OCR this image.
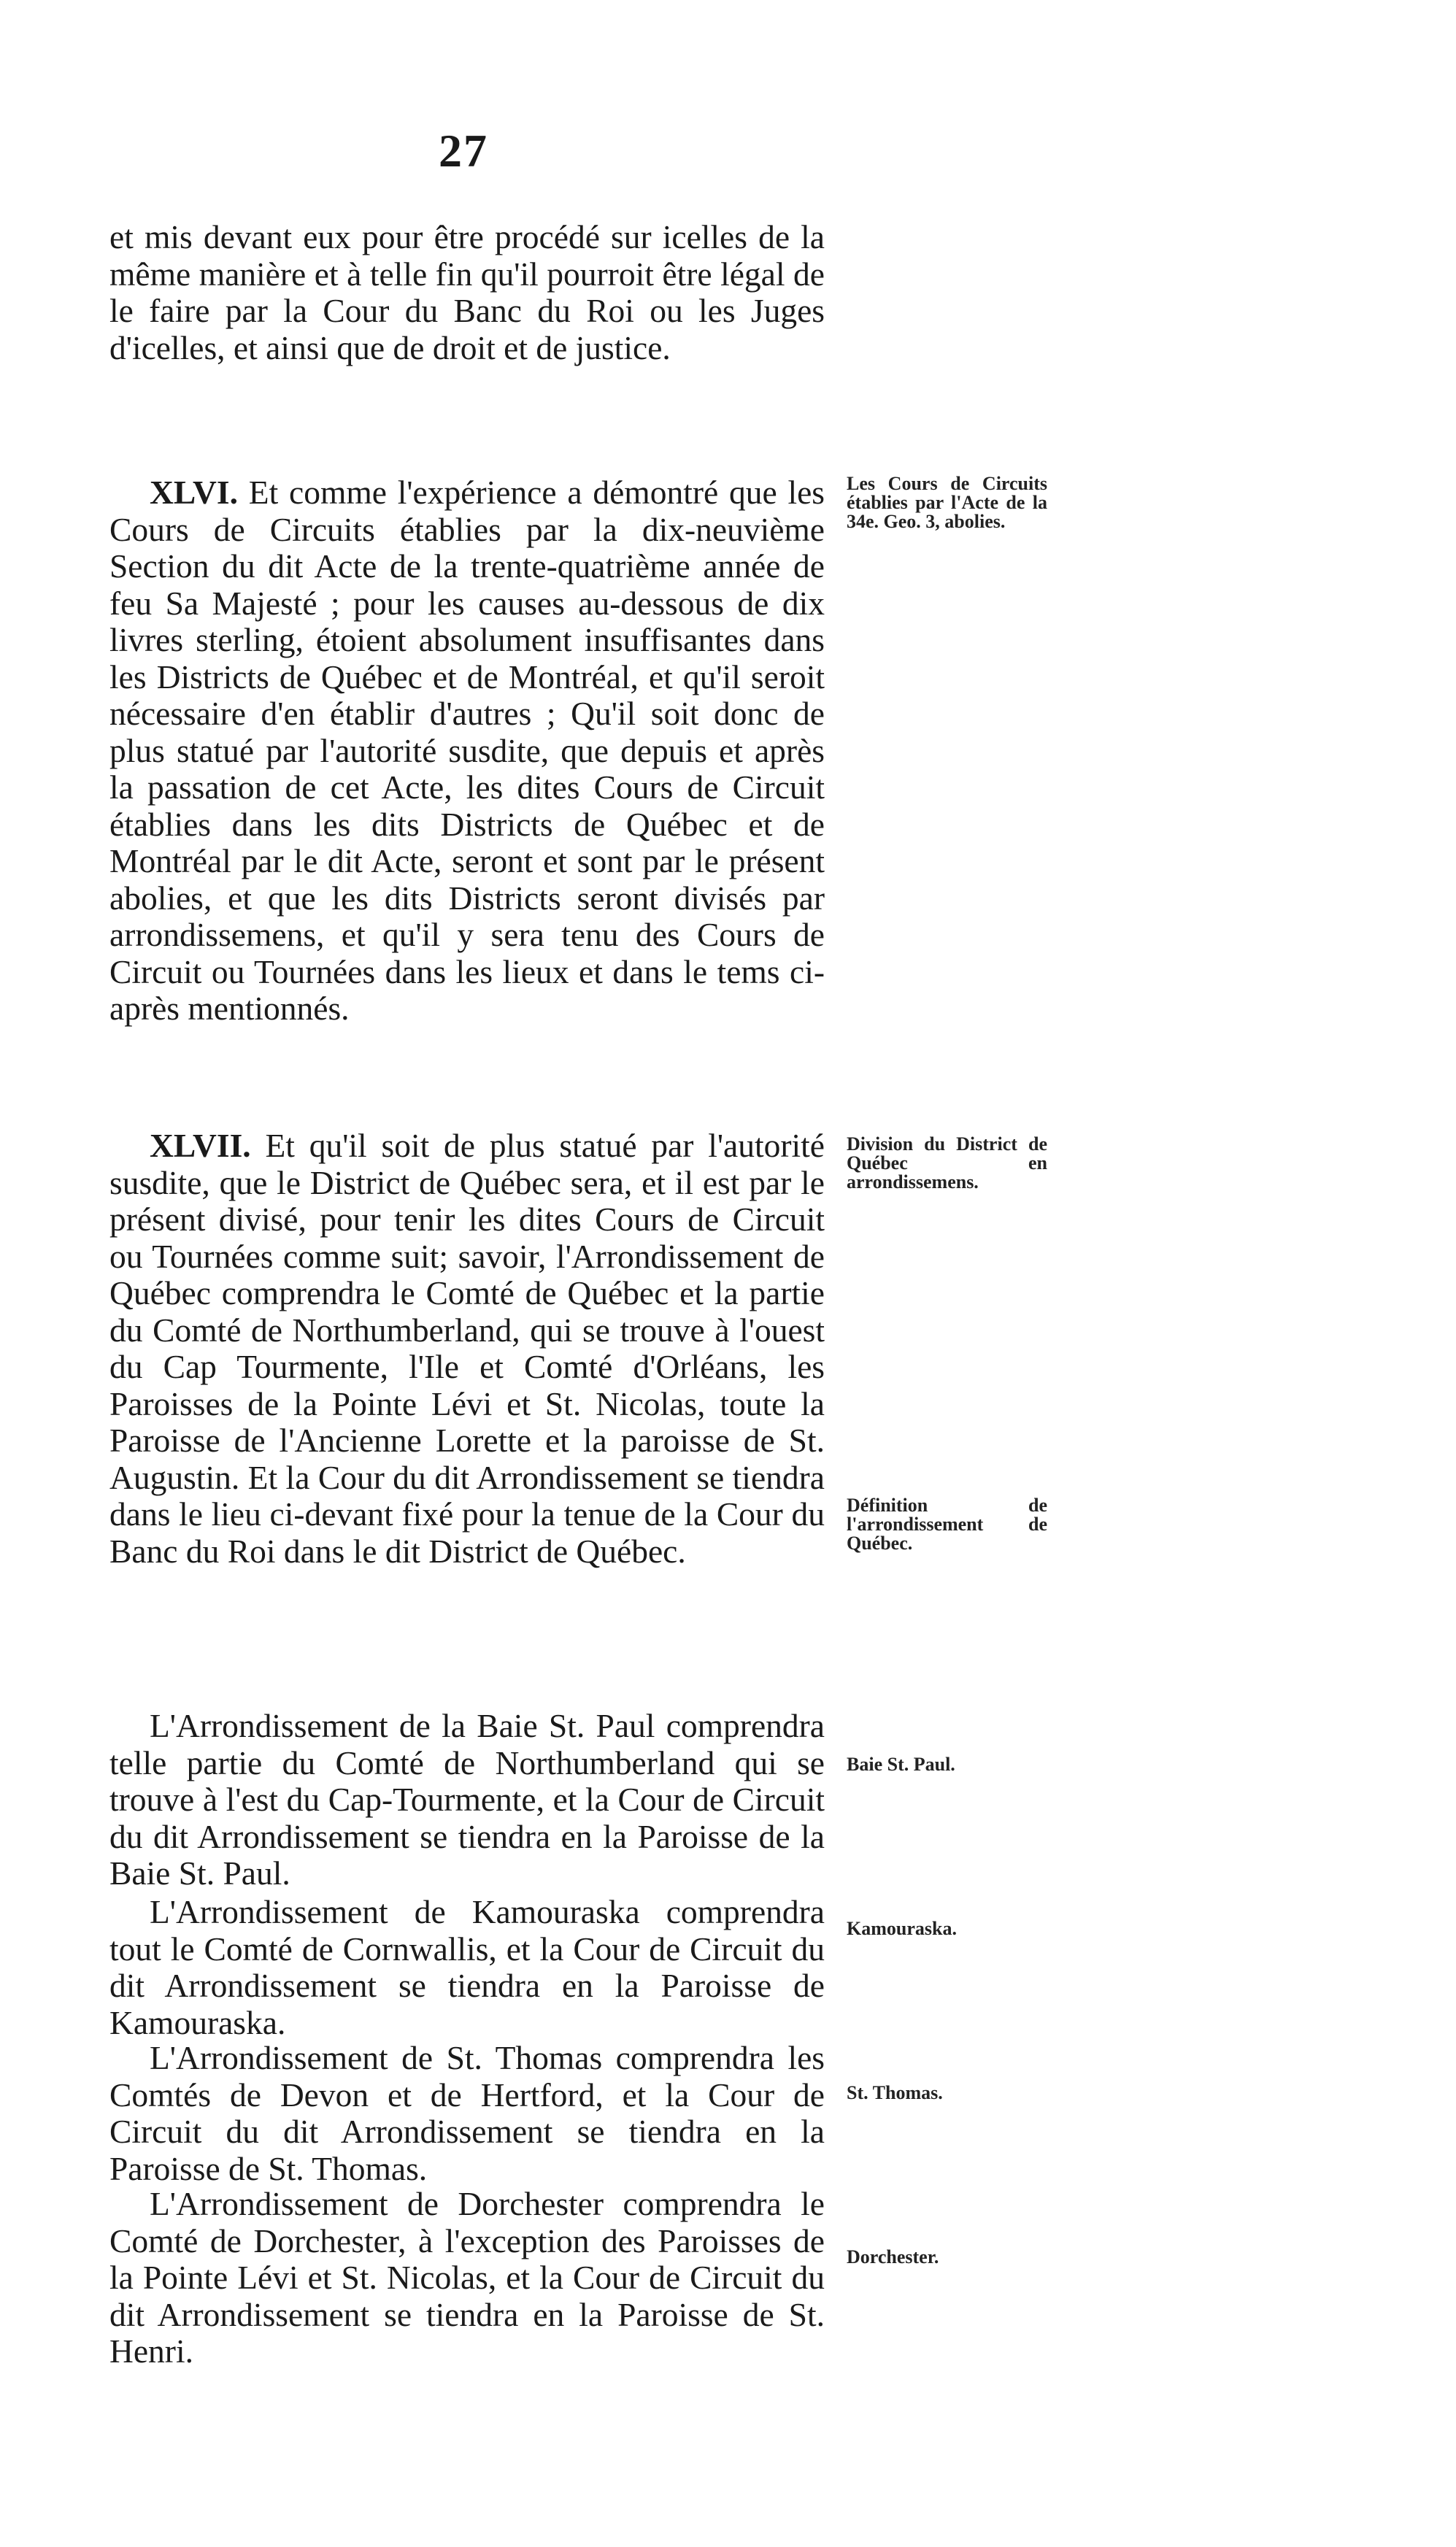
27

et mis devant eux pour être procédé sur icelles de la même manière et à telle fin qu'il pourroit être légal de le faire par la Cour du Banc du Roi ou les Juges d'icelles, et ainsi que de droit et de justice.

XLVI. Et comme l'expérience a démontré que les Cours de Circuits établies par la dix-neuvième Section du dit Acte de la trente-quatrième année de feu Sa Majesté ; pour les causes au-dessous de dix livres sterling, étoient absolument insuffisantes dans les Districts de Québec et de Montréal, et qu'il seroit nécessaire d'en établir d'autres ; Qu'il soit donc de plus statué par l'autorité susdite, que depuis et après la passation de cet Acte, les dites Cours de Circuit établies dans les dits Districts de Québec et de Montréal par le dit Acte, seront et sont par le présent abolies, et que les dits Districts seront divisés par arrondissemens, et qu'il y sera tenu des Cours de Circuit ou Tournées dans les lieux et dans le tems ci-après mentionnés.

XLVII. Et qu'il soit de plus statué par l'autorité susdite, que le District de Québec sera, et il est par le présent divisé, pour tenir les dites Cours de Circuit ou Tournées comme suit; savoir, l'Arrondissement de Québec comprendra le Comté de Québec et la partie du Comté de Northumberland, qui se trouve à l'ouest du Cap Tourmente, l'Ile et Comté d'Orléans, les Paroisses de la Pointe Lévi et St. Nicolas, toute la Paroisse de l'Ancienne Lorette et la paroisse de St. Augustin. Et la Cour du dit Arrondissement se tiendra dans le lieu ci-devant fixé pour la tenue de la Cour du Banc du Roi dans le dit District de Québec.

L'Arrondissement de la Baie St. Paul comprendra telle partie du Comté de Northumberland qui se trouve à l'est du Cap-Tourmente, et la Cour de Circuit du dit Arrondissement se tiendra en la Paroisse de la Baie St. Paul.

L'Arrondissement de Kamouraska comprendra tout le Comté de Cornwallis, et la Cour de Circuit du dit Arrondissement se tiendra en la Paroisse de Kamouraska.

L'Arrondissement de St. Thomas comprendra les Comtés de Devon et de Hertford, et la Cour de Circuit du dit Arrondissement se tiendra en la Paroisse de St. Thomas.

L'Arrondissement de Dorchester comprendra le Comté de Dorchester, à l'exception des Paroisses de la Pointe Lévi et St. Nicolas, et la Cour de Circuit du dit Arrondissement se tiendra en la Paroisse de St. Henri.

Les Cours de Circuits établies par l'Acte de la 34e. Geo. 3, abolies.

Division du District de Québec en arrondissemens.

Définition de l'arrondissement de Québec.

Baie St. Paul.

Kamouraska.

St. Thomas.

Dorchester.
